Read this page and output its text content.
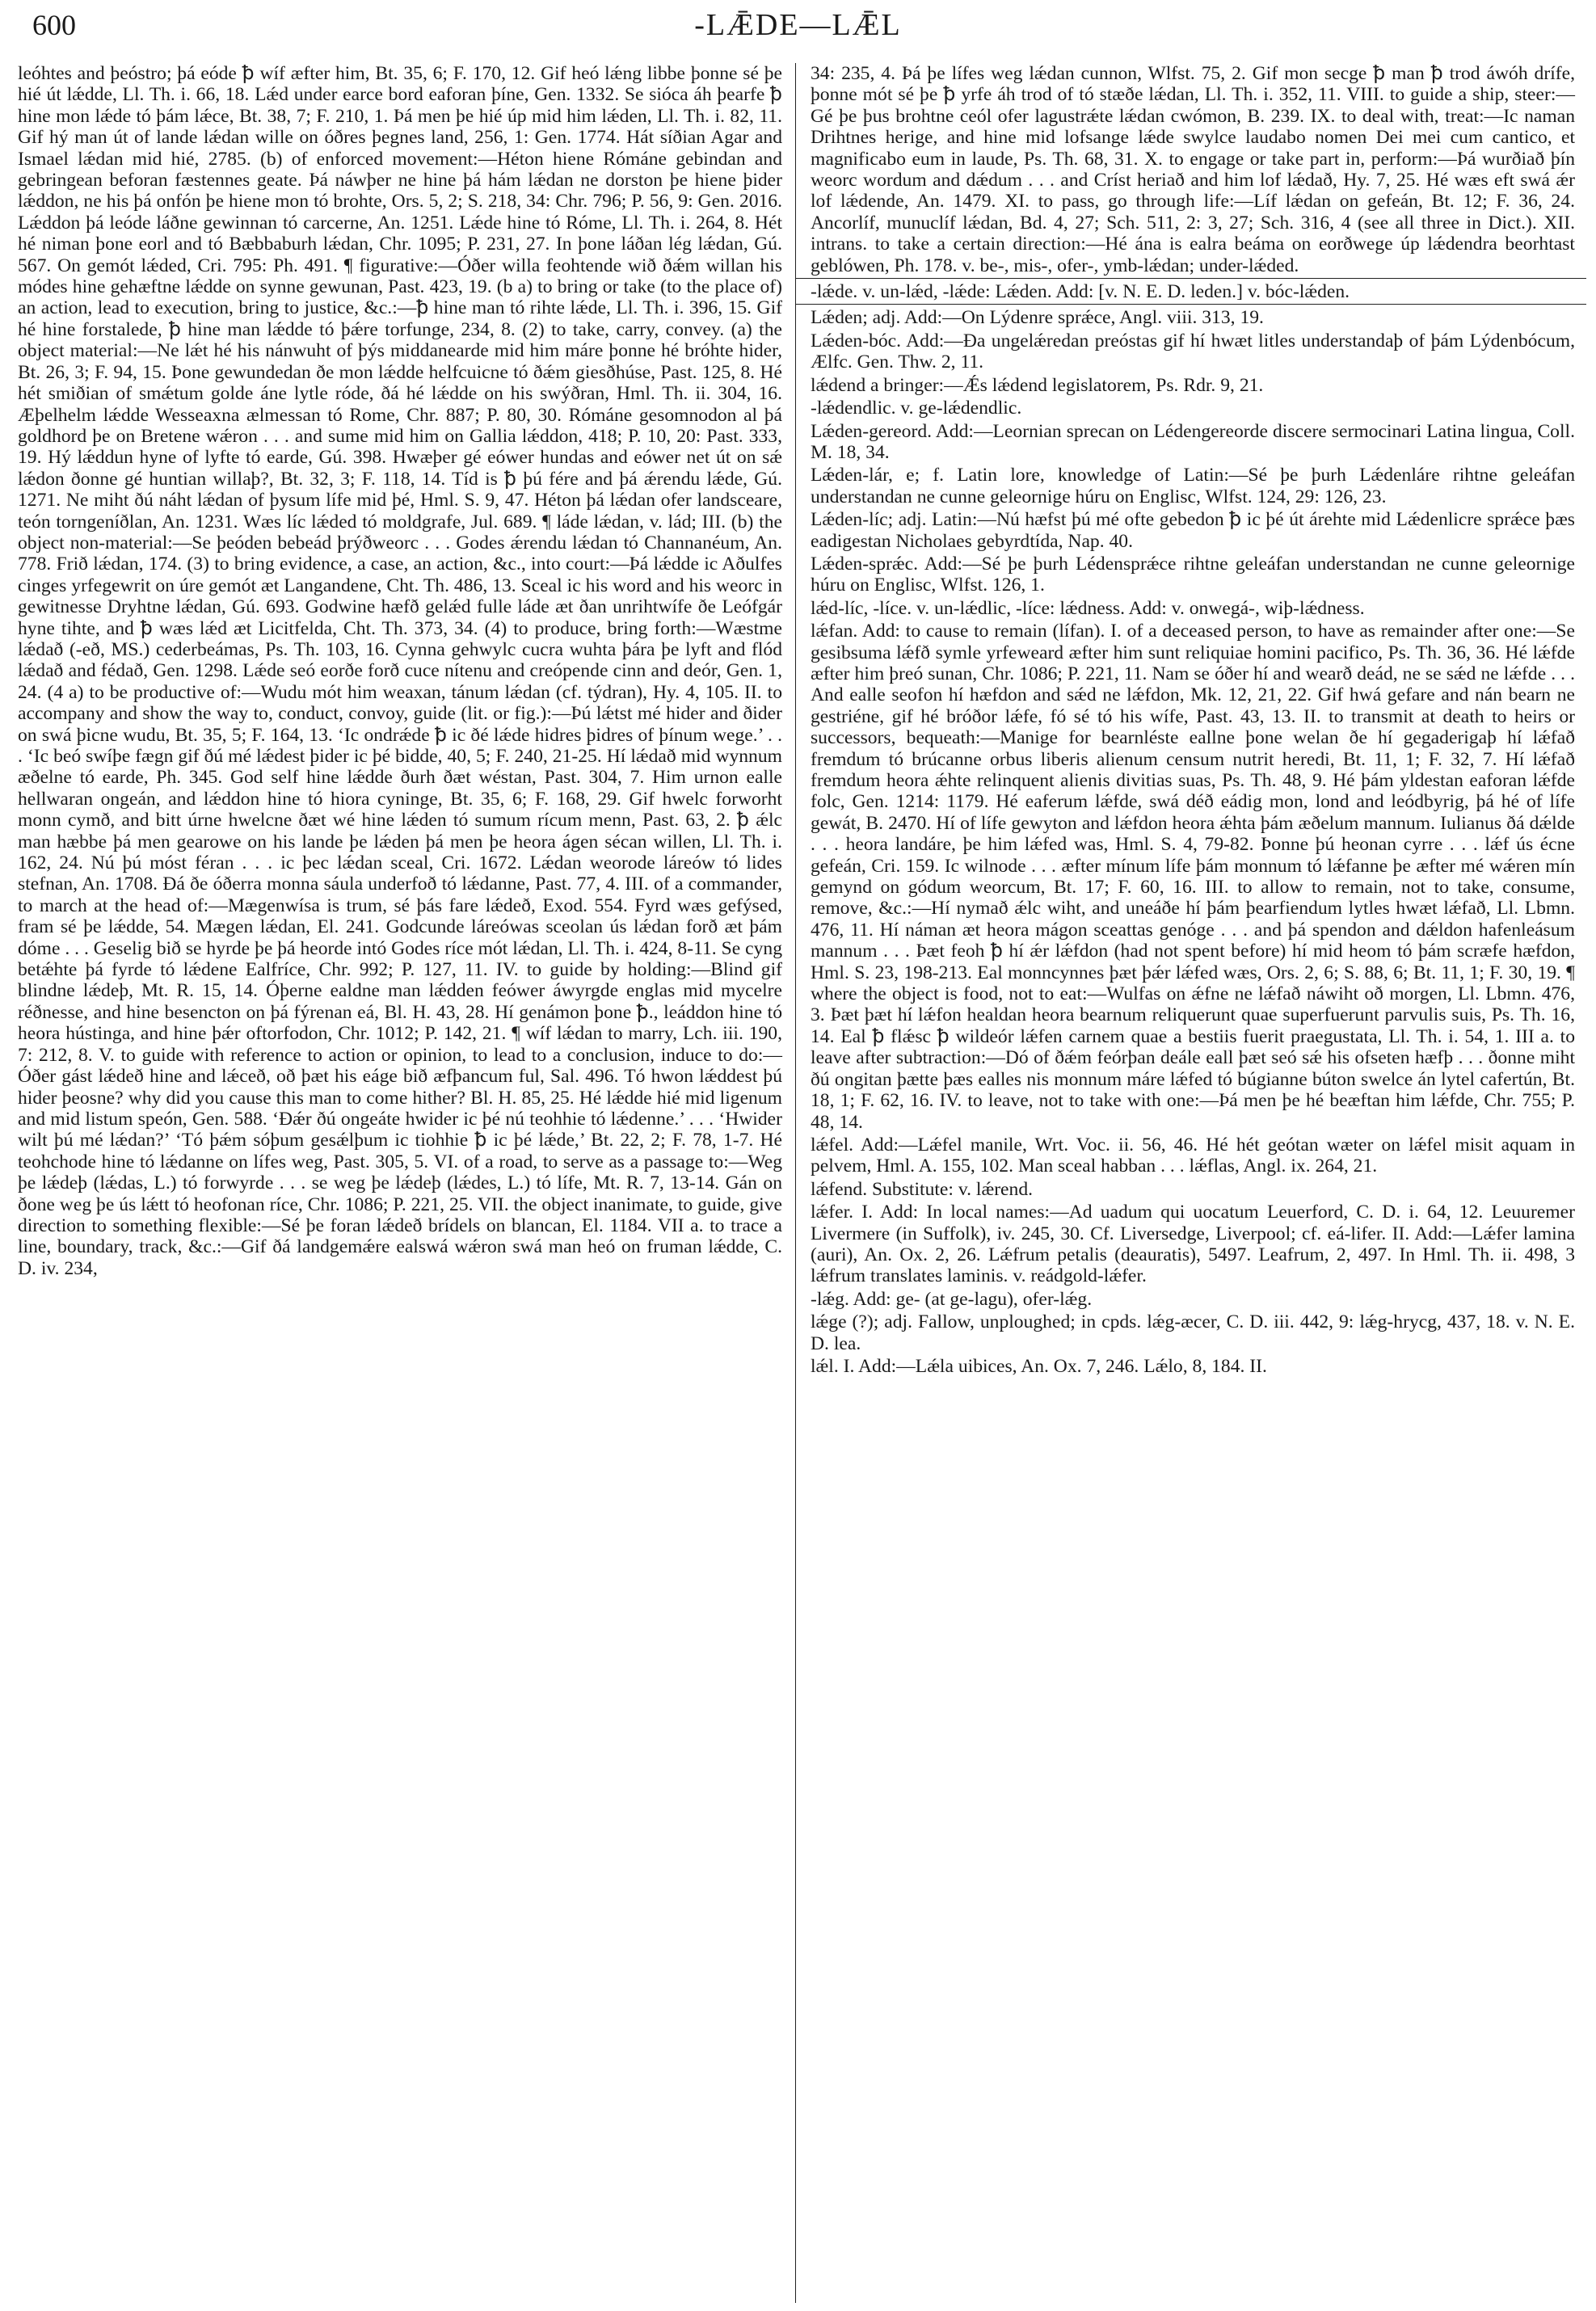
600	-LǢDE—LǢL

leóhtes and þeóstro; þá eóde ꝥ wíf æfter him, Bt. 35, 6; F. 170, 12. Gif heó lǽng libbe þonne sé þe hié út lǽdde, Ll. Th. i. 66, 18. Lǽd under earce bord eaforan þíne, Gen. 1332. Se sióca áh þearfe ꝥ hine mon lǽde tó þám lǽce, Bt. 38, 7; F. 210, 1. Þá men þe hié úp mid him lǽden, Ll. Th. i. 82, 11. Gif hý man út of lande lǽdan wille on óðres þegnes land, 256, 1: Gen. 1774. Hát síðian Agar and Ismael lǽdan mid hié, 2785. (b) of enforced movement:—Héton hiene Rómáne gebindan and gebringean beforan fæstennes geate. Þá náwþer ne hine þá hám lǽdan ne dorston þe hiene þider lǽddon, ne his þá onfón þe hiene mon tó brohte, Ors. 5, 2; S. 218, 34: Chr. 796; P. 56, 9: Gen. 2016. Lǽddon þá leóde láðne gewinnan tó carcerne, An. 1251. Lǽde hine tó Róme, Ll. Th. i. 264, 8. Hét hé niman þone eorl and tó Bæbbaburh lǽdan, Chr. 1095; P. 231, 27. In þone láðan lég lǽdan, Gú. 567. On gemót lǽded, Cri. 795: Ph. 491. ¶ figurative:—Óðer willa feohtende wið ðǽm willan his módes hine gehæftne lǽdde on synne gewunan, Past. 423, 19. (b a) to bring or take (to the place of) an action, lead to execution, bring to justice, &c.:—ꝥ hine man tó rihte lǽde, Ll. Th. i. 396, 15. Gif hé hine forstalede, ꝥ hine man lǽdde tó þǽre torfunge, 234, 8. (2) to take, carry, convey. (a) the object material:—Ne lǽt hé his nánwuht of þýs middanearde mid him máre þonne hé bróhte hider, Bt. 26, 3; F. 94, 15. Þone gewundedan ðe mon lǽdde helfcuicne tó ðǽm giesðhúse, Past. 125, 8. Hé hét smiðian of smǽtum golde áne lytle róde, ðá hé lǽdde on his swýðran, Hml. Th. ii. 304, 16. Æþelhelm lǽdde Wesseaxna ælmessan tó Rome, Chr. 887; P. 80, 30. Rómáne gesomnodon al þá goldhord þe on Bretene wǽron . . . and sume mid him on Gallia lǽddon, 418; P. 10, 20: Past. 333, 19. Hý lǽddun hyne of lyfte tó earde, Gú. 398. Hwæþer gé eówer hundas and eówer net út on sǽ lǽdon ðonne gé huntian willaþ?, Bt. 32, 3; F. 118, 14. Tíd is ꝥ þú fére and þá ǽrendu lǽde, Gú. 1271. Ne miht ðú náht lǽdan of þysum lífe mid þé, Hml. S. 9, 47. Héton þá lǽdan ofer landsceare, teón torngeníðlan, An. 1231. Wæs líc lǽded tó moldgrafe, Jul. 689. ¶ láde lǽdan, v. lád; III. (b) the object non-material:—Se þeóden bebeád þrýðweorc . . . Godes ǽrendu lǽdan tó Channanéum, An. 778. Frið lǽdan, 174. (3) to bring evidence, a case, an action, &c., into court:—Þá lǽdde ic Aðulfes cinges yrfegewrit on úre gemót æt Langandene, Cht. Th. 486, 13. Sceal ic his word and his weorc in gewitnesse Dryhtne lǽdan, Gú. 693. Godwine hæfð gelǽd fulle láde æt ðan unrihtwífe ðe Leófgár hyne tihte, and ꝥ wæs lǽd æt Licitfelda, Cht. Th. 373, 34. (4) to produce, bring forth:—Wæstme lǽdað (-eð, MS.) cederbeámas, Ps. Th. 103, 16. Cynna gehwylc cucra wuhta þára þe lyft and flód lǽdað and fédað, Gen. 1298. Lǽde seó eorðe forð cuce nítenu and creópende cinn and deór, Gen. 1, 24. (4 a) to be productive of:—Wudu mót him weaxan, tánum lǽdan (cf. týdran), Hy. 4, 105. II. to accompany and show the way to, conduct, convoy, guide (lit. or fig.):—Þú lǽtst mé hider and ðider on swá þicne wudu, Bt. 35, 5; F. 164, 13. ‘Ic ondrǽde ꝥ ic ðé lǽde hidres þidres of þínum wege.’ . . . ‘Ic beó swíþe fægn gif ðú mé lǽdest þider ic þé bidde, 40, 5; F. 240, 21-25. Hí lǽdað mid wynnum æðelne tó earde, Ph. 345. God self hine lǽdde ðurh ðæt wéstan, Past. 304, 7. Him urnon ealle hellwaran ongeán, and lǽddon hine tó hiora cyninge, Bt. 35, 6; F. 168, 29. Gif hwelc forworht monn cymð, and bitt úrne hwelcne ðæt wé hine lǽden tó sumum rícum menn, Past. 63, 2. ꝥ ǽlc man hæbbe þá men gearowe on his lande þe lǽden þá men þe heora ágen sécan willen, Ll. Th. i. 162, 24. Nú þú móst féran . . . ic þec lǽdan sceal, Cri. 1672. Lǽdan weorode láreów tó lides stefnan, An. 1708. Ðá ðe óðerra monna sáula underfoð tó lǽdanne, Past. 77, 4. III. of a commander, to march at the head of:—Mægenwísa is trum, sé þás fare lǽdeð, Exod. 554. Fyrd wæs gefýsed, fram sé þe lǽdde, 54. Mægen lǽdan, El. 241. Godcunde láreówas sceolan ús lǽdan forð æt þám dóme . . . Geselig bið se hyrde þe þá heorde intó Godes ríce mót lǽdan, Ll. Th. i. 424, 8-11. Se cyng betǽhte þá fyrde tó lǽdene Ealfríce, Chr. 992; P. 127, 11. IV. to guide by holding:—Blind gif blindne lǽdeþ, Mt. R. 15, 14. Óþerne ealdne man lǽdden feówer áwyrgde englas mid mycelre réðnesse, and hine besencton on þá fýrenan eá, Bl. H. 43, 28. Hí genámon þone ꝥ., leáddon hine tó heora hústinga, and hine þǽr oftorfodon, Chr. 1012; P. 142, 21. ¶ wíf lǽdan to marry, Lch. iii. 190, 7: 212, 8. V. to guide with reference to action or opinion, to lead to a conclusion, induce to do:—Óðer gást lǽdeð hine and lǽceð, oð þæt his eáge bið æfþancum ful, Sal. 496. Tó hwon lǽddest þú hider þeosne? why did you cause this man to come hither? Bl. H. 85, 25. Hé lǽdde hié mid ligenum and mid listum speón, Gen. 588. ‘Ðǽr ðú ongeáte hwider ic þé nú teohhie tó lǽdenne.’ . . . ‘Hwider wilt þú mé lǽdan?’ ‘Tó þǽm sóþum gesǽlþum ic tiohhie ꝥ ic þé lǽde,’ Bt. 22, 2; F. 78, 1-7. Hé teohchode hine tó lǽdanne on lífes weg, Past. 305, 5. VI. of a road, to serve as a passage to:—Weg þe lǽdeþ (lǽdas, L.) tó forwyrde . . . se weg þe lǽdeþ (lǽdes, L.) tó lífe, Mt. R. 7, 13-14. Gán on ðone weg þe ús lǽtt tó heofonan ríce, Chr. 1086; P. 221, 25. VII. the object inanimate, to guide, give direction to something flexible:—Sé þe foran lǽdeð brídels on blancan, El. 1184. VII a. to trace a line, boundary, track, &c.:—Gif ðá landgemǽre ealswá wǽron swá man heó on fruman lǽdde, C. D. iv. 234,

34: 235, 4. Þá þe lífes weg lǽdan cunnon, Wlfst. 75, 2. Gif mon secge ꝥ man ꝥ trod áwóh drífe, þonne mót sé þe ꝥ yrfe áh trod of tó stæðe lǽdan, Ll. Th. i. 352, 11. VIII. to guide a ship, steer:—Gé þe þus brohtne ceól ofer lagustrǽte lǽdan cwómon, B. 239. IX. to deal with, treat:—Ic naman Drihtnes herige, and hine mid lofsange lǽde swylce laudabo nomen Dei mei cum cantico, et magnificabo eum in laude, Ps. Th. 68, 31. X. to engage or take part in, perform:—Þá wurðiað þín weorc wordum and dǽdum . . . and Críst heriað and him lof lǽdað, Hy. 7, 25. Hé wæs eft swá ǽr lof lǽdende, An. 1479. XI. to pass, go through life:—Líf lǽdan on gefeán, Bt. 12; F. 36, 24. Ancorlíf, munuclíf lǽdan, Bd. 4, 27; Sch. 511, 2: 3, 27; Sch. 316, 4 (see all three in Dict.). XII. intrans. to take a certain direction:—Hé ána is ealra beáma on eorðwege úp lǽdendra beorhtast geblówen, Ph. 178. v. be-, mis-, ofer-, ymb-lǽdan; under-lǽded.

-lǽde. v. un-lǽd, -lǽde: Lǽden. Add: [v. N. E. D. leden.] v. bóc-lǽden.

Lǽden; adj. Add:—On Lýdenre sprǽce, Angl. viii. 313, 19.

Lǽden-bóc. Add:—Ða ungelǽredan preóstas gif hí hwæt litles understandaþ of þám Lýdenbócum, Ælfc. Gen. Thw. 2, 11.

lǽdend a bringer:—Ǽs lǽdend legislatorem, Ps. Rdr. 9, 21.

-lǽdendlic. v. ge-lǽdendlic.

Lǽden-gereord. Add:—Leornian sprecan on Lédengereorde discere sermocinari Latina lingua, Coll. M. 18, 34.

Lǽden-lár, e; f. Latin lore, knowledge of Latin:—Sé þe þurh Lǽdenláre rihtne geleáfan understandan ne cunne geleornige húru on Englisc, Wlfst. 124, 29: 126, 23.

Lǽden-líc; adj. Latin:—Nú hæfst þú mé ofte gebedon ꝥ ic þé út árehte mid Lǽdenlicre sprǽce þæs eadigestan Nicholaes gebyrdtída, Nap. 40.

Lǽden-sprǽc. Add:—Sé þe þurh Lédensprǽce rihtne geleáfan understandan ne cunne geleornige húru on Englisc, Wlfst. 126, 1.

lǽd-líc, -líce. v. un-lǽdlic, -líce: lǽdness. Add: v. onwegá-, wiþ-lǽdness.

lǽfan. Add: to cause to remain (lífan). I. of a deceased person, to have as remainder after one:—Se gesibsuma lǽfð symle yrfeweard æfter him sunt reliquiae homini pacifico, Ps. Th. 36, 36. Hé lǽfde æfter him þreó sunan, Chr. 1086; P. 221, 11. Nam se óðer hí and wearð deád, ne se sǽd ne lǽfde . . . And ealle seofon hí hæfdon and sǽd ne lǽfdon, Mk. 12, 21, 22. Gif hwá gefare and nán bearn ne gestriéne, gif hé bróðor lǽfe, fó sé tó his wífe, Past. 43, 13. II. to transmit at death to heirs or successors, bequeath:—Manige for bearnléste eallne þone welan ðe hí gegaderigaþ hí lǽfað fremdum tó brúcanne orbus liberis alienum censum nutrit heredi, Bt. 11, 1; F. 32, 7. Hí lǽfað fremdum heora ǽhte relinquent alienis divitias suas, Ps. Th. 48, 9. Hé þám yldestan eaforan lǽfde folc, Gen. 1214: 1179. Hé eaferum lǽfde, swá déð eádig mon, lond and leódbyrig, þá hé of lífe gewát, B. 2470. Hí of lífe gewyton and lǽfdon heora ǽhta þám æðelum mannum. Iulianus ðá dǽlde . . . heora landáre, þe him lǽfed was, Hml. S. 4, 79-82. Þonne þú heonan cyrre . . . lǽf ús écne gefeán, Cri. 159. Ic wilnode . . . æfter mínum lífe þám monnum tó lǽfanne þe æfter mé wǽren mín gemynd on gódum weorcum, Bt. 17; F. 60, 16. III. to allow to remain, not to take, consume, remove, &c.:—Hí nymað ǽlc wiht, and uneáðe hí þám þearfiendum lytles hwæt lǽfað, Ll. Lbmn. 476, 11. Hí náman æt heora mágon sceattas genóge . . . and þá spendon and dǽldon hafenleásum mannum . . . Þæt feoh ꝥ hí ǽr lǽfdon (had not spent before) hí mid heom tó þám scræfe hæfdon, Hml. S. 23, 198-213. Eal monncynnes þæt þǽr lǽfed wæs, Ors. 2, 6; S. 88, 6; Bt. 11, 1; F. 30, 19. ¶ where the object is food, not to eat:—Wulfas on ǽfne ne lǽfað náwiht oð morgen, Ll. Lbmn. 476, 3. Þæt þæt hí lǽfon healdan heora bearnum reliquerunt quae superfuerunt parvulis suis, Ps. Th. 16, 14. Eal ꝥ flǽsc ꝥ wildeór lǽfen carnem quae a bestiis fuerit praegustata, Ll. Th. i. 54, 1. III a. to leave after subtraction:—Dó of ðǽm feórþan deále eall þæt seó sǽ his ofseten hæfþ . . . ðonne miht ðú ongitan þætte þæs ealles nis monnum máre lǽfed tó búgianne búton swelce án lytel cafertún, Bt. 18, 1; F. 62, 16. IV. to leave, not to take with one:—Þá men þe hé beæftan him lǽfde, Chr. 755; P. 48, 14.

lǽfel. Add:—Lǽfel manile, Wrt. Voc. ii. 56, 46. Hé hét geótan wæter on lǽfel misit aquam in pelvem, Hml. A. 155, 102. Man sceal habban . . . lǽflas, Angl. ix. 264, 21.

lǽfend. Substitute: v. lǽrend.

lǽfer. I. Add: In local names:—Ad uadum qui uocatum Leuerford, C. D. i. 64, 12. Leuuremer Livermere (in Suffolk), iv. 245, 30. Cf. Liversedge, Liverpool; cf. eá-lifer. II. Add:—Lǽfer lamina (auri), An. Ox. 2, 26. Lǽfrum petalis (deauratis), 5497. Leafrum, 2, 497. In Hml. Th. ii. 498, 3 lǽfrum translates laminis. v. reádgold-lǽfer.

-lǽg. Add: ge- (at ge-lagu), ofer-lǽg.

lǽge (?); adj. Fallow, unploughed; in cpds. lǽg-æcer, C. D. iii. 442, 9: lǽg-hrycg, 437, 18. v. N. E. D. lea.

lǽl. I. Add:—Lǽla uibices, An. Ox. 7, 246. Lǽlo, 8, 184. II.
